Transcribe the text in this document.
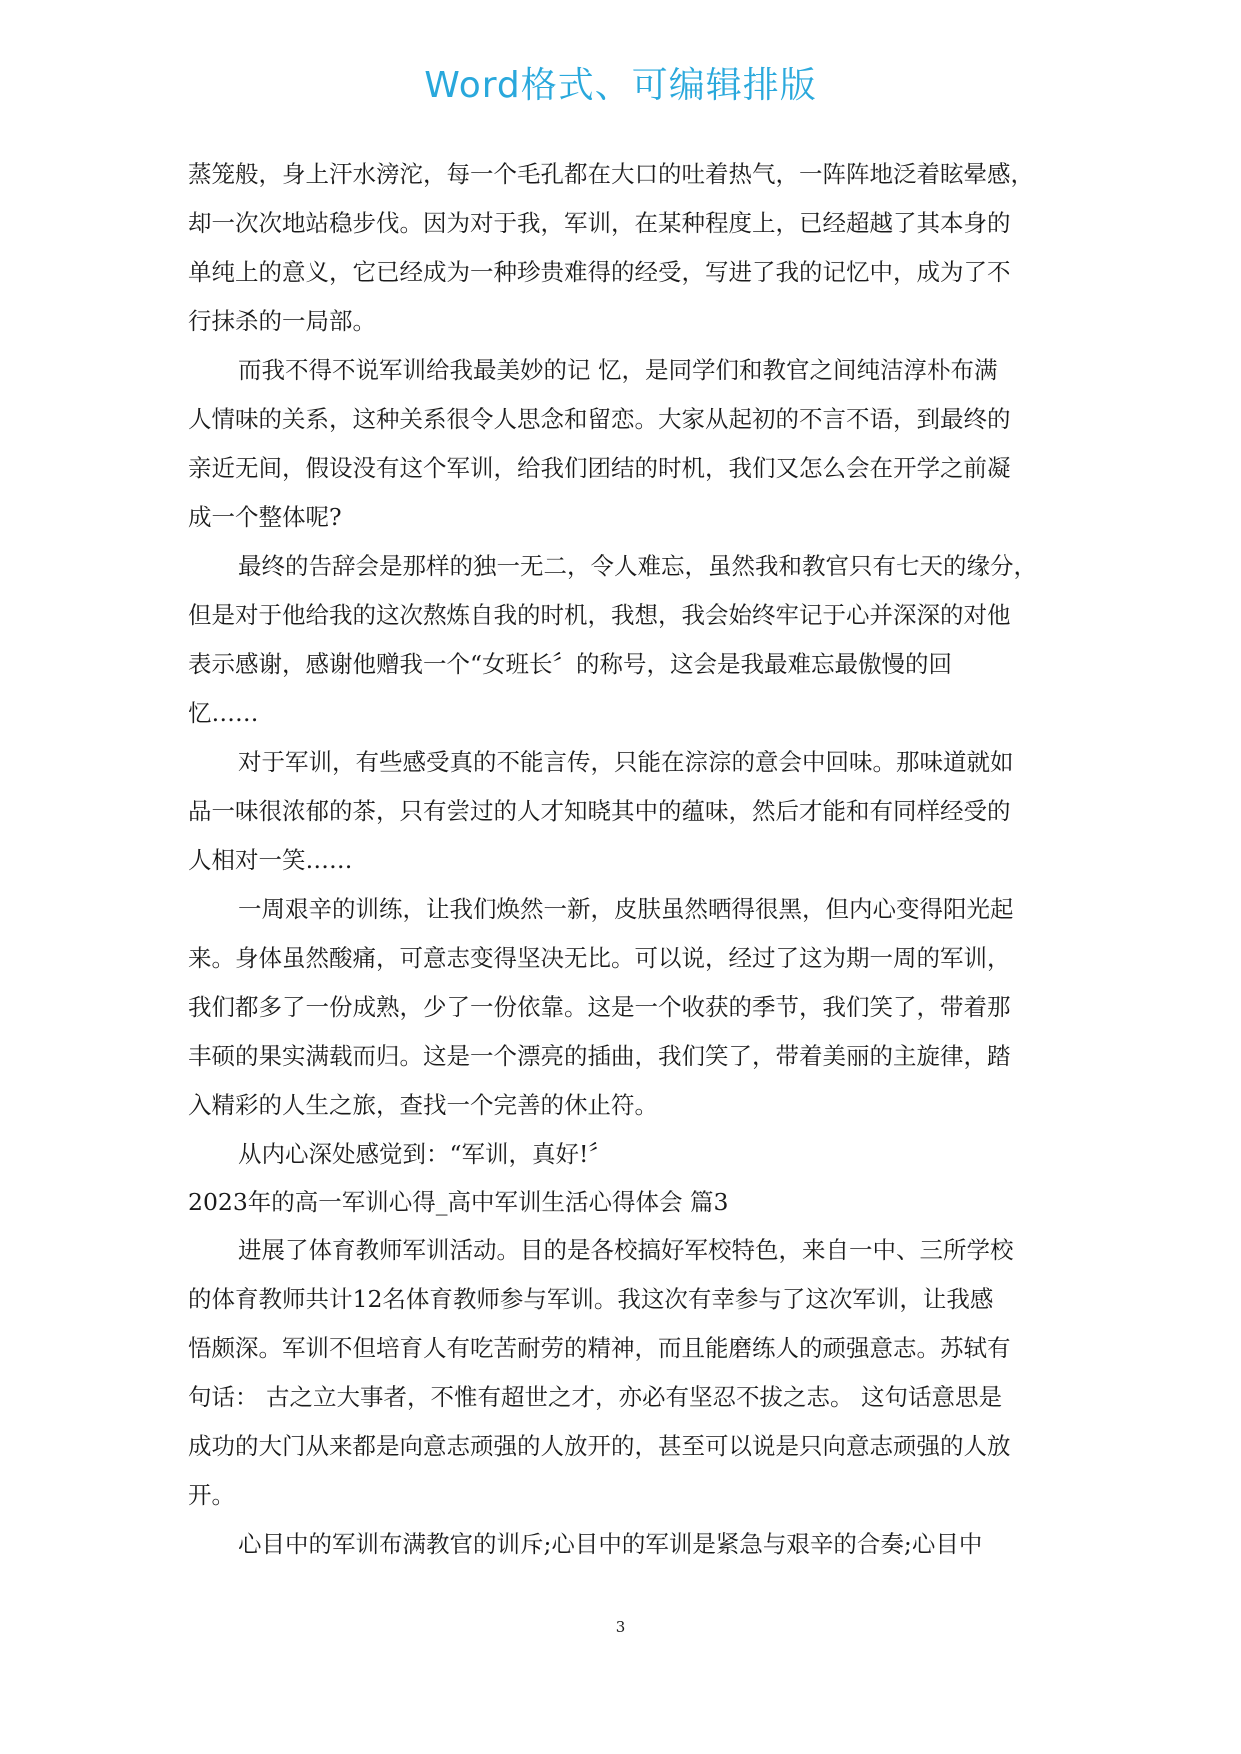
Word格式、可编辑排版
蒸笼般，身上汗水滂沱，每一个毛孔都在大口的吐着热气，一阵阵地泛着眩晕感，
却一次次地站稳步伐。因为对于我，军训，在某种程度上，已经超越了其本身的
单纯上的意义，它已经成为一种珍贵难得的经受，写进了我的记忆中，成为了不
行抹杀的一局部。
而我不得不说军训给我最美妙的记 忆，是同学们和教官之间纯洁淳朴布满
人情味的关系，这种关系很令人思念和留恋。大家从起初的不言不语，到最终的
亲近无间，假设没有这个军训，给我们团结的时机，我们又怎么会在开学之前凝
成一个整体呢?
最终的告辞会是那样的独一无二，令人难忘，虽然我和教官只有七天的缘分，
但是对于他给我的这次熬炼自我的时机，我想，我会始终牢记于心并深深的对他
表示感谢，感谢他赠我一个“女班长〞的称号，这会是我最难忘最傲慢的回
忆……
对于军训，有些感受真的不能言传，只能在淙淙的意会中回味。那味道就如
品一味很浓郁的茶，只有尝过的人才知晓其中的蕴味，然后才能和有同样经受的
人相对一笑……
一周艰辛的训练，让我们焕然一新，皮肤虽然晒得很黑，但内心变得阳光起
来。身体虽然酸痛，可意志变得坚决无比。可以说，经过了这为期一周的军训，
我们都多了一份成熟，少了一份依靠。这是一个收获的季节，我们笑了，带着那
丰硕的果实满载而归。这是一个漂亮的插曲，我们笑了，带着美丽的主旋律，踏
入精彩的人生之旅，查找一个完善的休止符。
从内心深处感觉到：“军训，真好!〞
2023年的高一军训心得_高中军训生活心得体会 篇3
进展了体育教师军训活动。目的是各校搞好军校特色，来自一中、三所学校
的体育教师共计12名体育教师参与军训。我这次有幸参与了这次军训，让我感
悟颇深。军训不但培育人有吃苦耐劳的精神，而且能磨练人的顽强意志。苏轼有
句话： 古之立大事者，不惟有超世之才，亦必有坚忍不拔之志。 这句话意思是
成功的大门从来都是向意志顽强的人放开的，甚至可以说是只向意志顽强的人放
开。
心目中的军训布满教官的训斥;心目中的军训是紧急与艰辛的合奏;心目中
3
